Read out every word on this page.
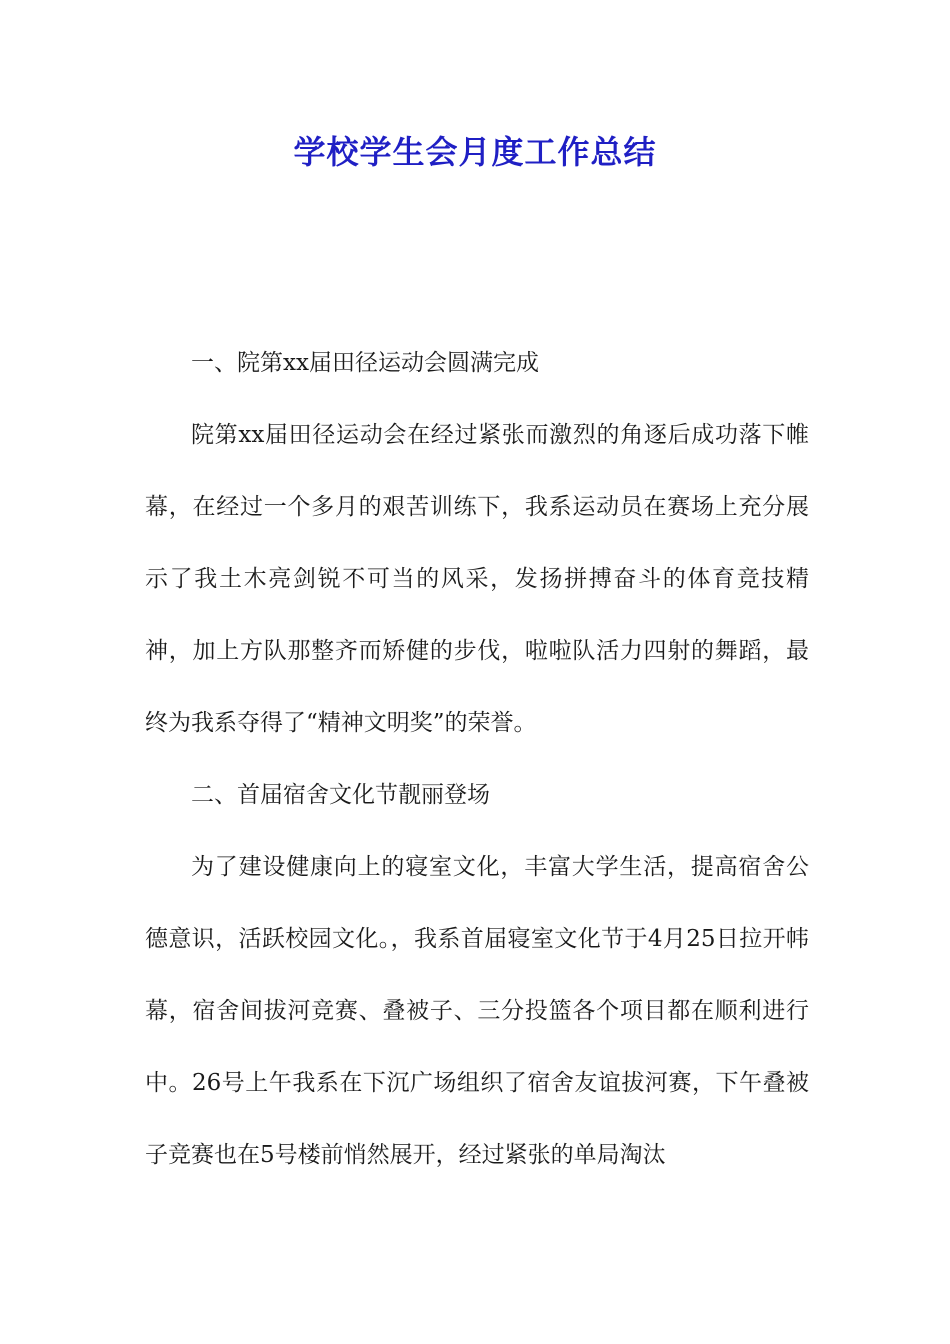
学校学生会月度工作总结

一、院第xx届田径运动会圆满完成

院第xx届田径运动会在经过紧张而激烈的角逐后成功落下帷幕，在经过一个多月的艰苦训练下，我系运动员在赛场上充分展示了我土木亮剑锐不可当的风采，发扬拼搏奋斗的体育竞技精神，加上方队那整齐而矫健的步伐，啦啦队活力四射的舞蹈，最终为我系夺得了“精神文明奖”的荣誉。

二、首届宿舍文化节靓丽登场

为了建设健康向上的寝室文化，丰富大学生活，提高宿舍公德意识，活跃校园文化。，我系首届寝室文化节于4月25日拉开帏幕，宿舍间拔河竞赛、叠被子、三分投篮各个项目都在顺利进行中。26号上午我系在下沉广场组织了宿舍友谊拔河赛，下午叠被子竞赛也在5号楼前悄然展开，经过紧张的单局淘汰
